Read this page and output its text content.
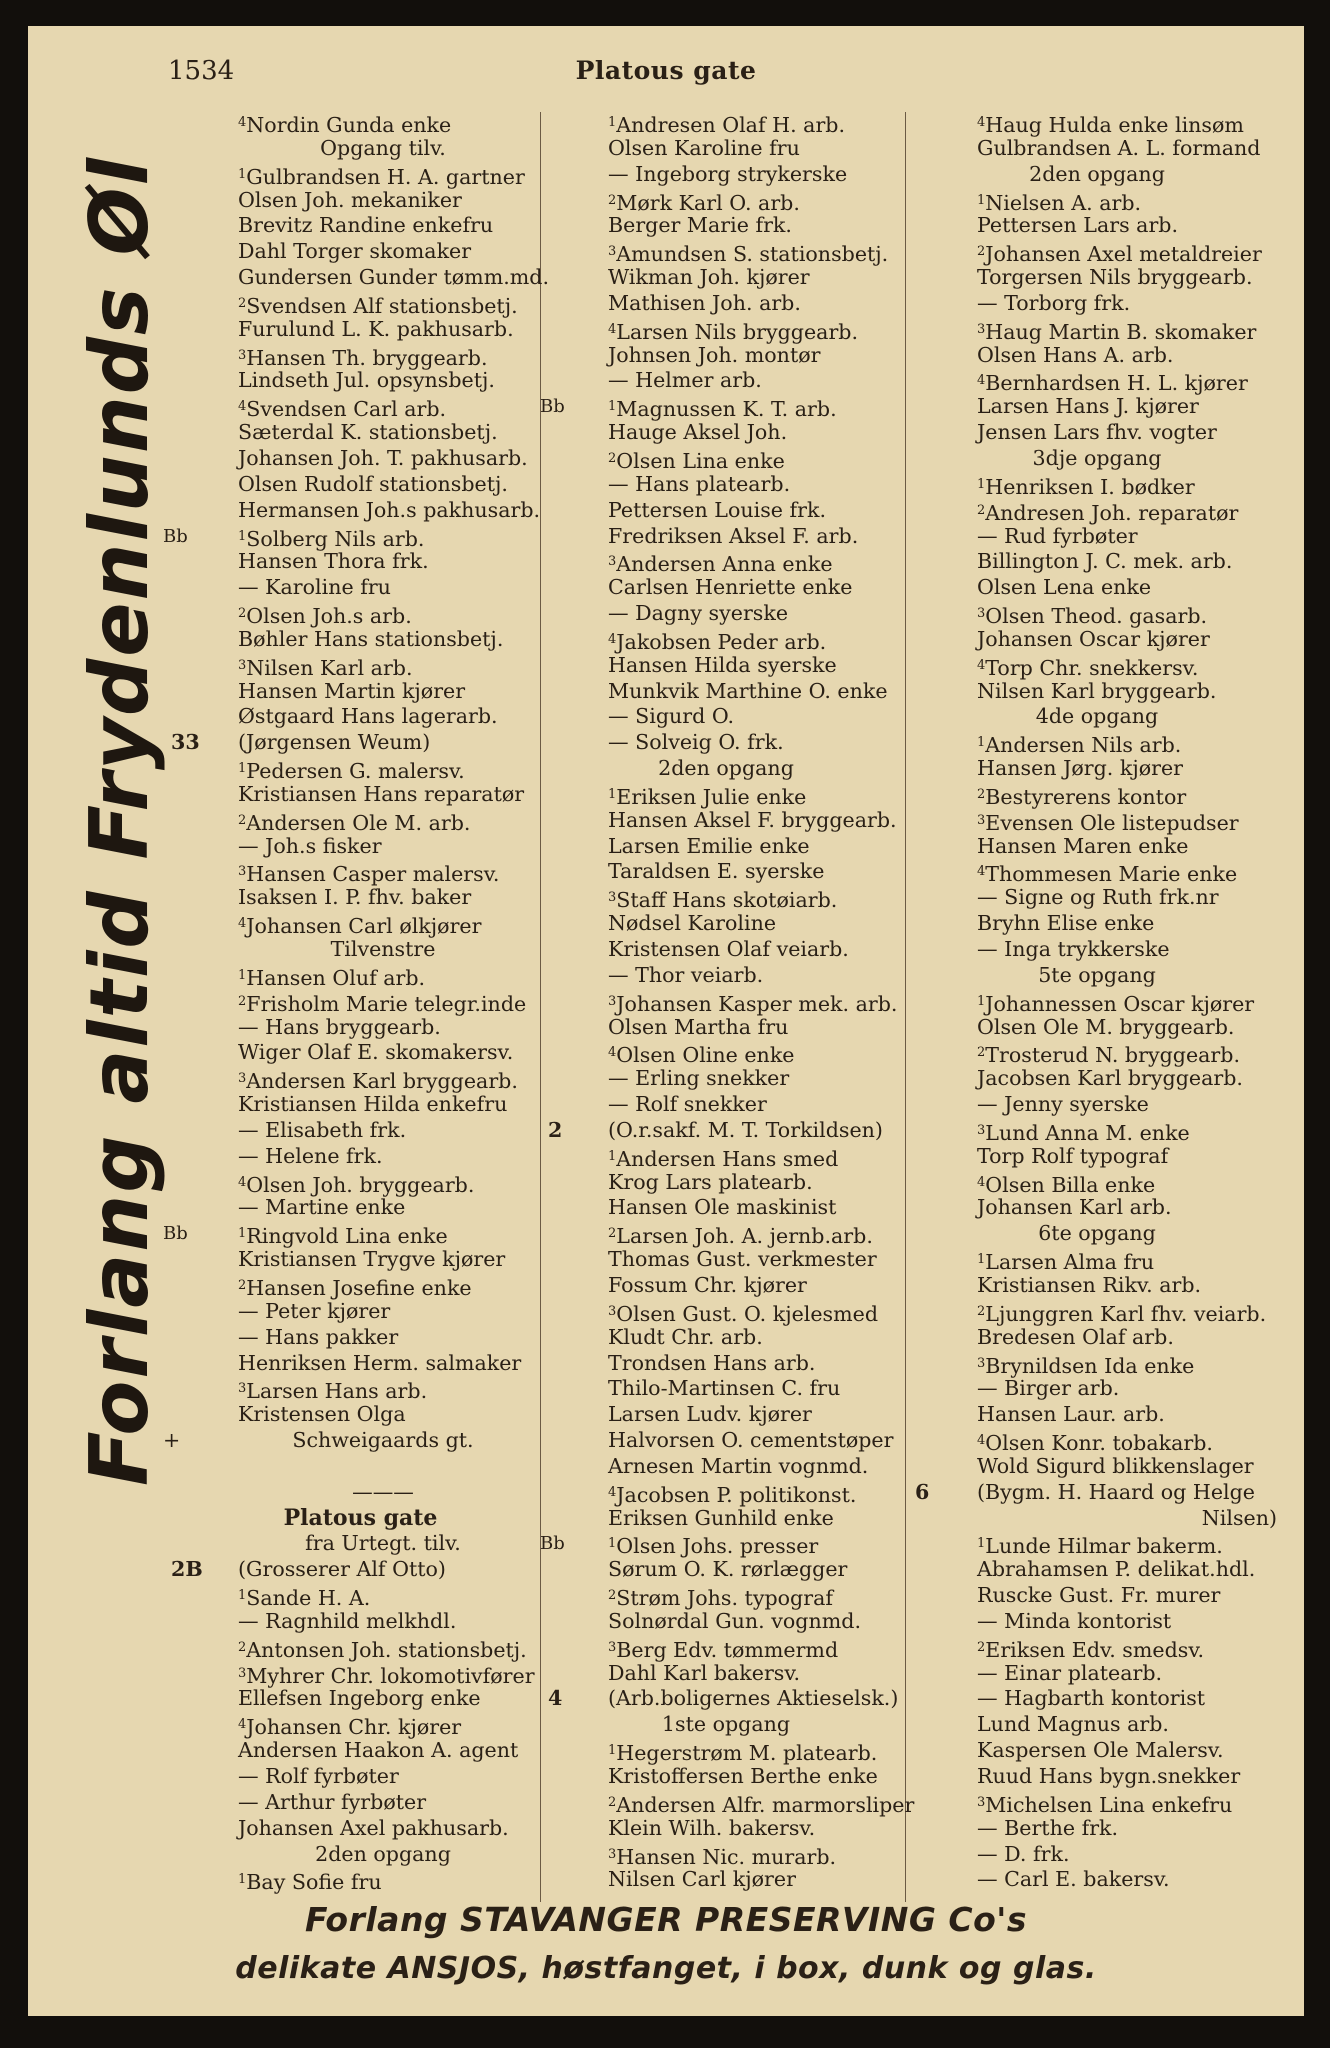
1534	Platous gate
Forlang altid Frydenlunds Øl
$^4$Nordin Gunda enke
Opgang tilv.
$^1$Gulbrandsen H. A. gartner
Olsen Joh. mekaniker
Brevitz Randine enkefru
Dahl Torger skomaker
Gundersen Gunder tømm.md.
$^2$Svendsen Alf stationsbetj.
Furulund L. K. pakhusarb.
$^3$Hansen Th. bryggearb.
Lindseth Jul. opsynsbetj.
$^4$Svendsen Carl arb.
Sæterdal K. stationsbetj.
Johansen Joh. T. pakhusarb.
Olsen Rudolf stationsbetj.
Hermansen Joh.s pakhusarb.
Bb	$^1$Solberg Nils arb.
Hansen Thora frk.
— Karoline fru
$^2$Olsen Joh.s arb.
Bøhler Hans stationsbetj.
$^3$Nilsen Karl arb.
Hansen Martin kjører
Østgaard Hans lagerarb.
33 (Jørgensen Weum)
$^1$Pedersen G. malersv.
Kristiansen Hans reparatør
$^2$Andersen Ole M. arb.
— Joh.s fisker
$^3$Hansen Casper malersv.
Isaksen I. P. fhv. baker
$^4$Johansen Carl ølkjører
Tilvenstre
$^1$Hansen Oluf arb.
$^2$Frisholm Marie telegr.inde
— Hans bryggearb.
Wiger Olaf E. skomakersv.
$^3$Andersen Karl bryggearb.
Kristiansen Hilda enkefru
— Elisabeth frk.
— Helene frk.
$^4$Olsen Joh. bryggearb.
— Martine enke
Bb	$^1$Ringvold Lina enke
Kristiansen Trygve kjører
$^2$Hansen Josefine enke
— Peter kjører
— Hans pakker
Henriksen Herm. salmaker
$^3$Larsen Hans arb.
Kristensen Olga
+	Schweigaards gt.
———
Platous gate
fra Urtegt. tilv.
2B (Grosserer Alf Otto)
$^1$Sande H. A.
— Ragnhild melkhdl.
$^2$Antonsen Joh. stationsbetj.
$^3$Myhrer Chr. lokomotivfører
Ellefsen Ingeborg enke
$^4$Johansen Chr. kjører
Andersen Haakon A. agent
— Rolf fyrbøter
— Arthur fyrbøter
Johansen Axel pakhusarb.
2den opgang
$^1$Bay Sofie fru
$^1$Andresen Olaf H. arb.
Olsen Karoline fru
— Ingeborg strykerske
$^2$Mørk Karl O. arb.
Berger Marie frk.
$^3$Amundsen S. stationsbetj.
Wikman Joh. kjører
Mathisen Joh. arb.
$^4$Larsen Nils bryggearb.
Johnsen Joh. montør
— Helmer arb.
Bb	$^1$Magnussen K. T. arb.
Hauge Aksel Joh.
$^2$Olsen Lina enke
— Hans platearb.
Pettersen Louise frk.
Fredriksen Aksel F. arb.
$^3$Andersen Anna enke
Carlsen Henriette enke
— Dagny syerske
$^4$Jakobsen Peder arb.
Hansen Hilda syerske
Munkvik Marthine O. enke
— Sigurd O.
— Solveig O. frk.
2den opgang
$^1$Eriksen Julie enke
Hansen Aksel F. bryggearb.
Larsen Emilie enke
Taraldsen E. syerske
$^3$Staff Hans skotøiarb.
Nødsel Karoline
Kristensen Olaf veiarb.
— Thor veiarb.
$^3$Johansen Kasper mek. arb.
Olsen Martha fru
$^4$Olsen Oline enke
— Erling snekker
— Rolf snekker
2 (O.r.sakf. M. T. Torkildsen)
$^1$Andersen Hans smed
Krog Lars platearb.
Hansen Ole maskinist
$^2$Larsen Joh. A. jernb.arb.
Thomas Gust. verkmester
Fossum Chr. kjører
$^3$Olsen Gust. O. kjelesmed
Kludt Chr. arb.
Trondsen Hans arb.
Thilo-Martinsen C. fru
Larsen Ludv. kjører
Halvorsen O. cementstøper
Arnesen Martin vognmd.
$^4$Jacobsen P. politikonst.
Eriksen Gunhild enke
Bb	$^1$Olsen Johs. presser
Sørum O. K. rørlægger
$^2$Strøm Johs. typograf
Solnørdal Gun. vognmd.
$^3$Berg Edv. tømmermd
Dahl Karl bakersv.
4 (Arb.boligernes Aktieselsk.)
1ste opgang
$^1$Hegerstrøm M. platearb.
Kristoffersen Berthe enke
$^2$Andersen Alfr. marmorsliper
Klein Wilh. bakersv.
$^3$Hansen Nic. murarb.
Nilsen Carl kjører
$^4$Haug Hulda enke linsøm
Gulbrandsen A. L. formand
2den opgang
$^1$Nielsen A. arb.
Pettersen Lars arb.
$^2$Johansen Axel metaldreier
Torgersen Nils bryggearb.
— Torborg frk.
$^3$Haug Martin B. skomaker
Olsen Hans A. arb.
$^4$Bernhardsen H. L. kjører
Larsen Hans J. kjører
Jensen Lars fhv. vogter
3dje opgang
$^1$Henriksen I. bødker
$^2$Andresen Joh. reparatør
— Rud fyrbøter
Billington J. C. mek. arb.
Olsen Lena enke
$^3$Olsen Theod. gasarb.
Johansen Oscar kjører
$^4$Torp Chr. snekkersv.
Nilsen Karl bryggearb.
4de opgang
$^1$Andersen Nils arb.
Hansen Jørg. kjører
$^2$Bestyrerens kontor
$^3$Evensen Ole listepudser
Hansen Maren enke
$^4$Thommesen Marie enke
— Signe og Ruth frk.nr
Bryhn Elise enke
— Inga trykkerske
5te opgang
$^1$Johannessen Oscar kjører
Olsen Ole M. bryggearb.
$^2$Trosterud N. bryggearb.
Jacobsen Karl bryggearb.
— Jenny syerske
$^3$Lund Anna M. enke
Torp Rolf typograf
$^4$Olsen Billa enke
Johansen Karl arb.
6te opgang
$^1$Larsen Alma fru
Kristiansen Rikv. arb.
$^2$Ljunggren Karl fhv. veiarb.
Bredesen Olaf arb.
$^3$Brynildsen Ida enke
— Birger arb.
Hansen Laur. arb.
$^4$Olsen Konr. tobakarb.
Wold Sigurd blikkenslager
6 (Bygm. H. Haard og Helge
Nilsen)
$^1$Lunde Hilmar bakerm.
Abrahamsen P. delikat.hdl.
Ruscke Gust. Fr. murer
— Minda kontorist
$^2$Eriksen Edv. smedsv.
— Einar platearb.
— Hagbarth kontorist
Lund Magnus arb.
Kaspersen Ole Malersv.
Ruud Hans bygn.snekker
$^3$Michelsen Lina enkefru
— Berthe frk.
— D. frk.
— Carl E. bakersv.
Forlang STAVANGER PRESERVING Co's
delikate ANSJOS, høstfanget, i box, dunk og glas.
